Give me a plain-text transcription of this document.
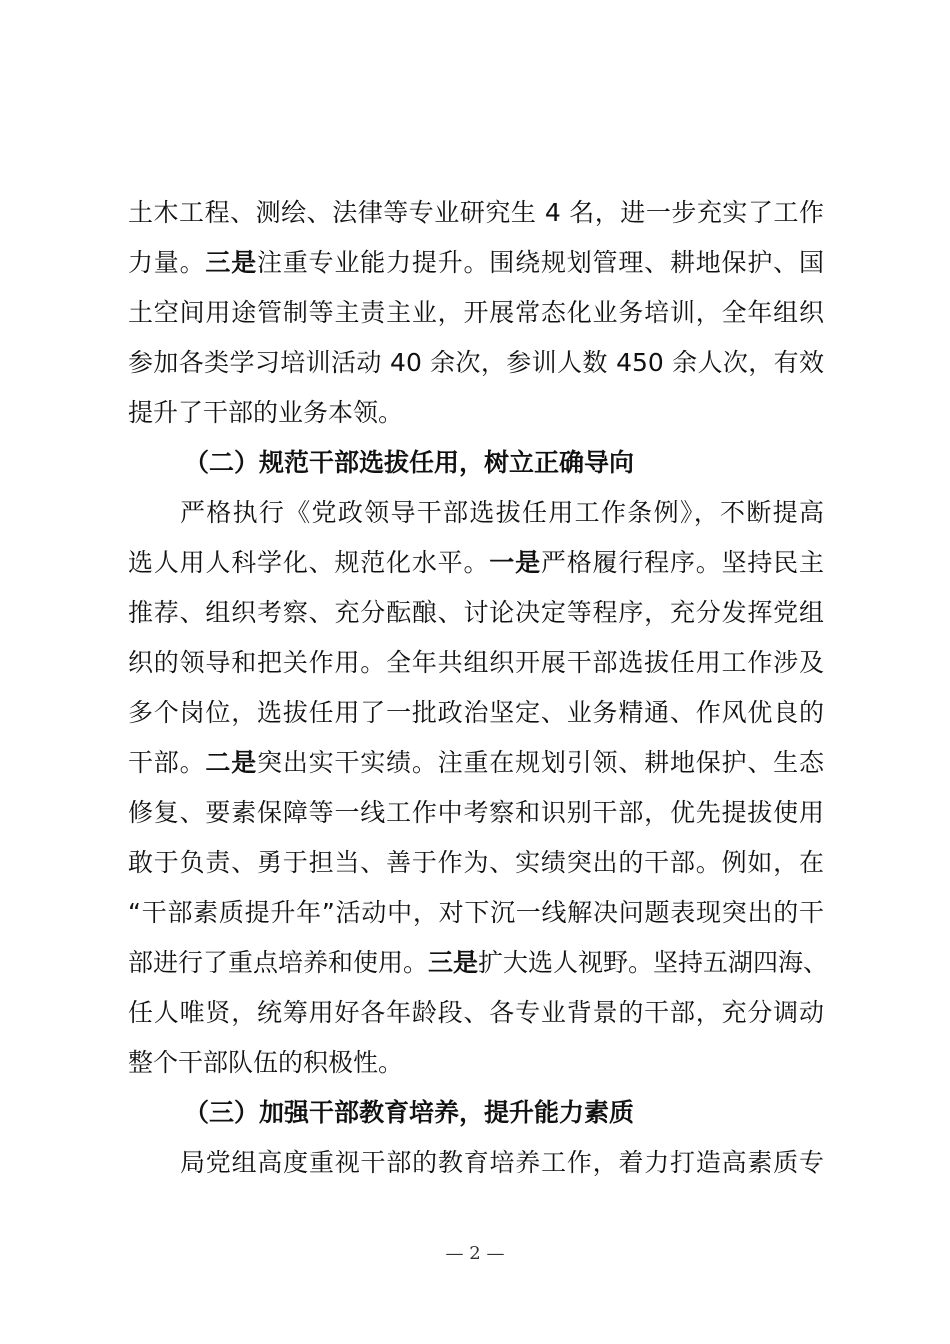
土木工程、测绘、法律等专业研究生 4 名，进一步充实了工作
力量。三是注重专业能力提升。围绕规划管理、耕地保护、国
土空间用途管制等主责主业，开展常态化业务培训，全年组织
参加各类学习培训活动 40 余次，参训人数 450 余人次，有效
提升了干部的业务本领。
（二）规范干部选拔任用，树立正确导向
严格执行《党政领导干部选拔任用工作条例》，不断提高
选人用人科学化、规范化水平。一是严格履行程序。坚持民主
推荐、组织考察、充分酝酿、讨论决定等程序，充分发挥党组
织的领导和把关作用。全年共组织开展干部选拔任用工作涉及
多个岗位，选拔任用了一批政治坚定、业务精通、作风优良的
干部。二是突出实干实绩。注重在规划引领、耕地保护、生态
修复、要素保障等一线工作中考察和识别干部，优先提拔使用
敢于负责、勇于担当、善于作为、实绩突出的干部。例如，在
“干部素质提升年”活动中，对下沉一线解决问题表现突出的干
部进行了重点培养和使用。三是扩大选人视野。坚持五湖四海、
任人唯贤，统筹用好各年龄段、各专业背景的干部，充分调动
整个干部队伍的积极性。
（三）加强干部教育培养，提升能力素质
局党组高度重视干部的教育培养工作，着力打造高素质专
— 2 —
